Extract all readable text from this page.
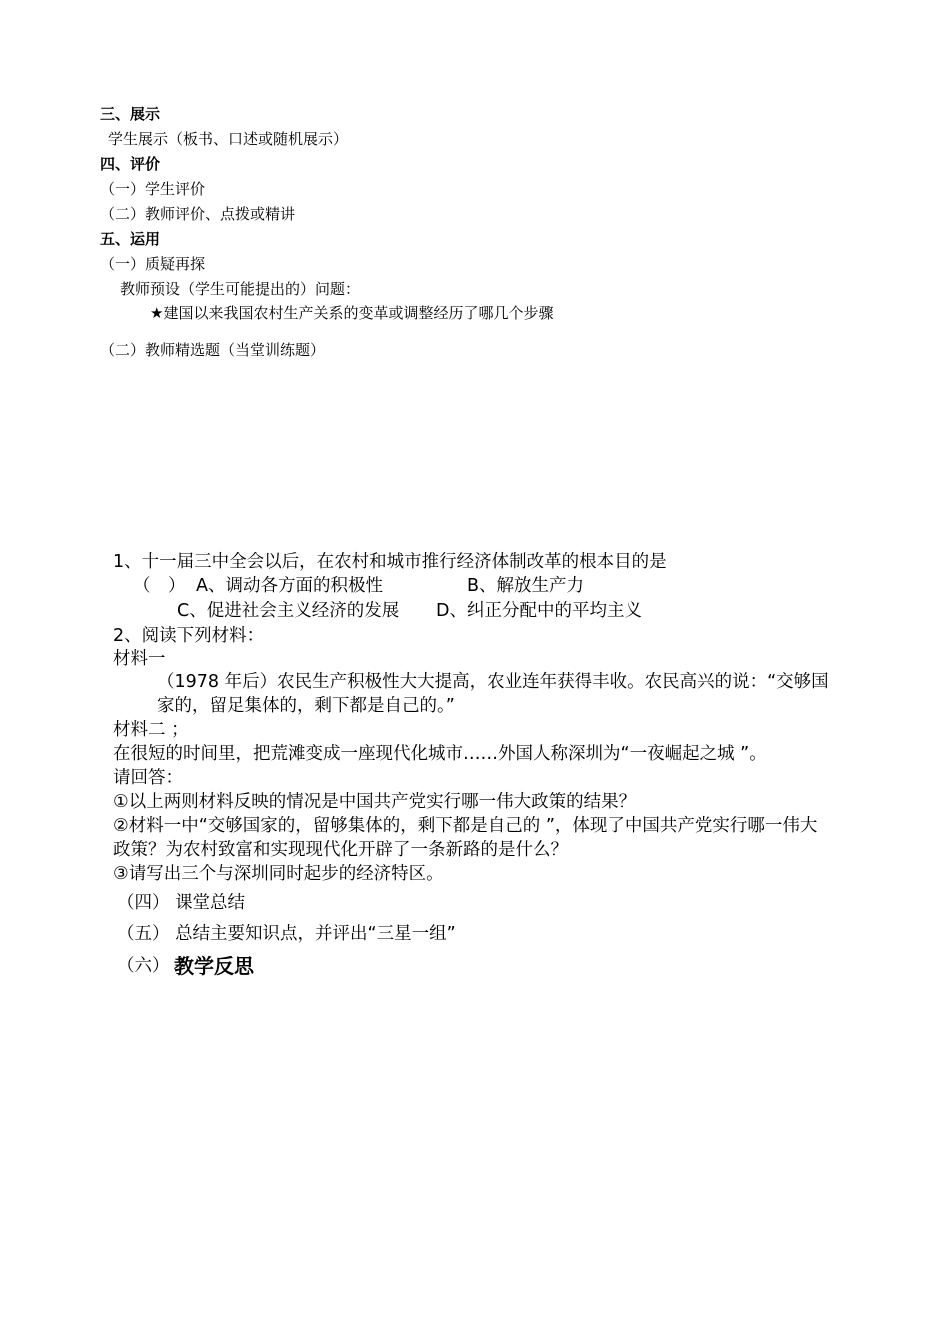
三、展示
学生展示（板书、口述或随机展示）
四、评价
（一）学生评价
（二）教师评价、点拨或精讲
五、运用
（一）质疑再探
教师预设（学生可能提出的）问题：
★建国以来我国农村生产关系的变革或调整经历了哪几个步骤
（二）教师精选题（当堂训练题）
1、十一届三中全会以后，在农村和城市推行经济体制改革的根本目的是
（　） A、调动各方面的积极性	B、解放生产力
C、促进社会主义经济的发展 D、纠正分配中的平均主义
2、阅读下列材料：
材料一
（1978 年后）农民生产积极性大大提高，农业连年获得丰收。农民高兴的说：“交够国
家的，留足集体的，剩下都是自己的。”
材料二 ；
在很短的时间里，把荒滩变成一座现代化城市……外国人称深圳为“一夜崛起之城 ”。
请回答：
①以上两则材料反映的情况是中国共产党实行哪一伟大政策的结果？
②材料一中“交够国家的，留够集体的，剩下都是自己的 ”，体现了中国共产党实行哪一伟大
政策？为农村致富和实现现代化开辟了一条新路的是什么？
③请写出三个与深圳同时起步的经济特区。
（四） 课堂总结
（五） 总结主要知识点，并评出“三星一组”
（六） 教学反思
